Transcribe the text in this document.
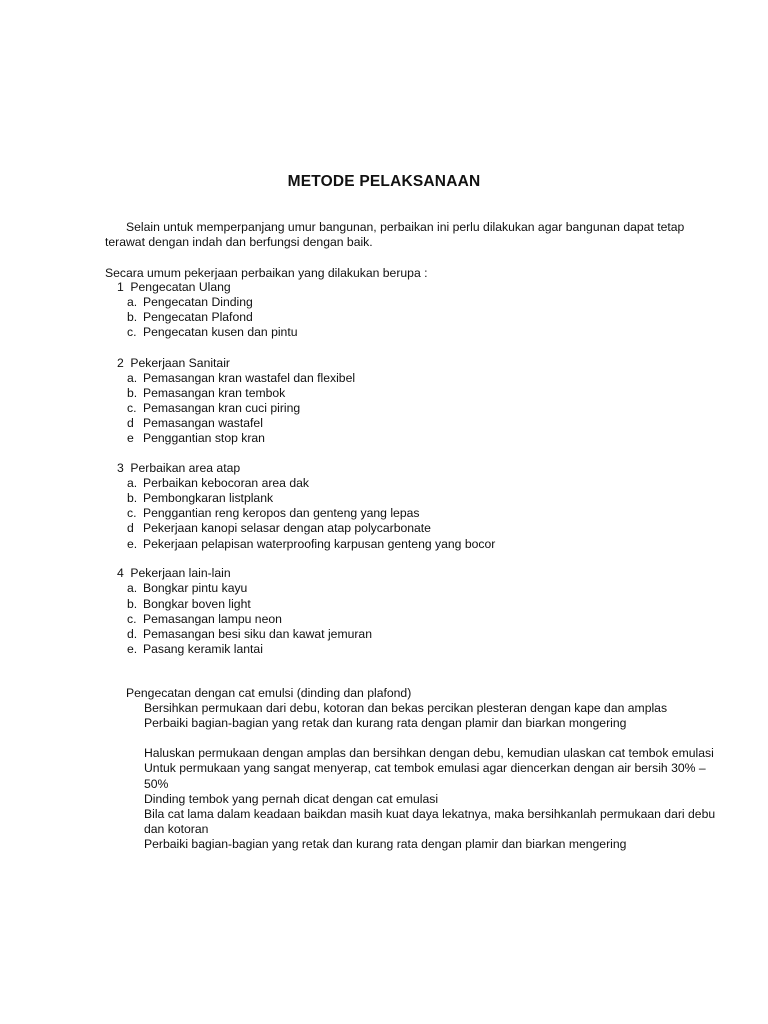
METODE PELAKSANAAN
Selain untuk memperpanjang umur bangunan, perbaikan ini perlu dilakukan agar bangunan dapat tetap
terawat dengan indah dan berfungsi dengan baik.
Secara umum pekerjaan perbaikan yang dilakukan berupa :
1 Pengecatan Ulang
a. Pengecatan Dinding
b. Pengecatan Plafond
c. Pengecatan kusen dan pintu
2 Pekerjaan Sanitair
a. Pemasangan kran wastafel dan flexibel
b. Pemasangan kran tembok
c. Pemasangan kran cuci piring
d Pemasangan wastafel
e Penggantian stop kran
3 Perbaikan area atap
a. Perbaikan kebocoran area dak
b. Pembongkaran listplank
c. Penggantian reng keropos dan genteng yang lepas
d Pekerjaan kanopi selasar dengan atap polycarbonate
e. Pekerjaan pelapisan waterproofing karpusan genteng yang bocor
4 Pekerjaan lain-lain
a. Bongkar pintu kayu
b. Bongkar boven light
c. Pemasangan lampu neon
d. Pemasangan besi siku dan kawat jemuran
e. Pasang keramik lantai
Pengecatan dengan cat emulsi (dinding dan plafond)
Bersihkan permukaan dari debu, kotoran dan bekas percikan plesteran dengan kape dan amplas
Perbaiki bagian-bagian yang retak dan kurang rata dengan plamir dan biarkan mongering
Haluskan permukaan dengan amplas dan bersihkan dengan debu, kemudian ulaskan cat tembok emulasi
Untuk permukaan yang sangat menyerap, cat tembok emulasi agar diencerkan dengan air bersih 30% –
50%
Dinding tembok yang pernah dicat dengan cat emulasi
Bila cat lama dalam keadaan baikdan masih kuat daya lekatnya, maka bersihkanlah permukaan dari debu
dan kotoran
Perbaiki bagian-bagian yang retak dan kurang rata dengan plamir dan biarkan mengering
